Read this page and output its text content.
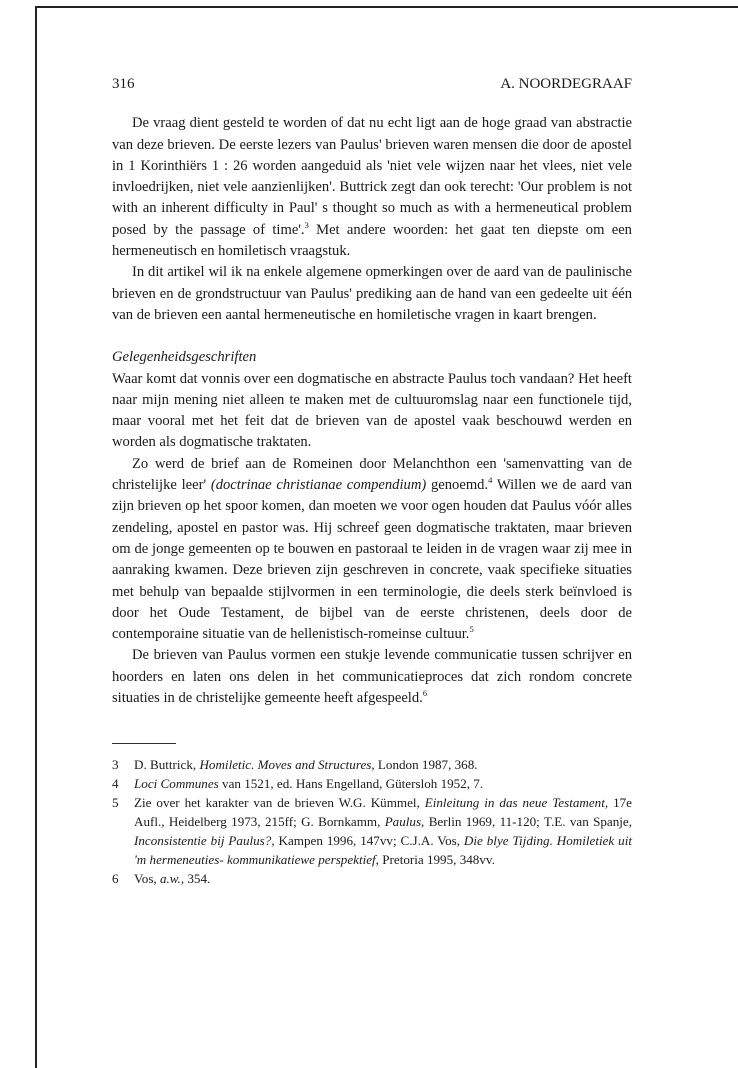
316	A. NOORDEGRAAF

De vraag dient gesteld te worden of dat nu echt ligt aan de hoge graad van abstractie van deze brieven. De eerste lezers van Paulus' brieven waren mensen die door de apostel in 1 Korinthiërs 1 : 26 worden aangeduid als 'niet vele wijzen naar het vlees, niet vele invloedrijken, niet vele aanzienlijken'. Buttrick zegt dan ook terecht: 'Our problem is not with an inherent difficulty in Paul' s thought so much as with a hermeneutical problem posed by the passage of time'.$^3$ Met andere woorden: het gaat ten diepste om een hermeneutisch en homiletisch vraagstuk.

In dit artikel wil ik na enkele algemene opmerkingen over de aard van de paulinische brieven en de grondstructuur van Paulus' prediking aan de hand van een gedeelte uit één van de brieven een aantal hermeneutische en homiletische vragen in kaart brengen.

Gelegenheidsgeschriften

Waar komt dat vonnis over een dogmatische en abstracte Paulus toch vandaan? Het heeft naar mijn mening niet alleen te maken met de cultuuromslag naar een functionele tijd, maar vooral met het feit dat de brieven van de apostel vaak beschouwd werden en worden als dogmatische traktaten.

Zo werd de brief aan de Romeinen door Melanchthon een 'samenvatting van de christelijke leer' (doctrinae christianae compendium) genoemd.$^4$ Willen we de aard van zijn brieven op het spoor komen, dan moeten we voor ogen houden dat Paulus vóór alles zendeling, apostel en pastor was. Hij schreef geen dogmatische traktaten, maar brieven om de jonge gemeenten op te bouwen en pastoraal te leiden in de vragen waar zij mee in aanraking kwamen. Deze brieven zijn geschreven in concrete, vaak specifieke situaties met behulp van bepaalde stijlvormen in een terminologie, die deels sterk beïnvloed is door het Oude Testament, de bijbel van de eerste christenen, deels door de contemporaine situatie van de hellenistisch-romeinse cultuur.$^5$

De brieven van Paulus vormen een stukje levende communicatie tussen schrijver en hoorders en laten ons delen in het communicatieproces dat zich rondom concrete situaties in de christelijke gemeente heeft afgespeeld.$^6$

3	D. Buttrick, Homiletic. Moves and Structures, London 1987, 368.
4	Loci Communes van 1521, ed. Hans Engelland, Gütersloh 1952, 7.
5	Zie over het karakter van de brieven W.G. Kümmel, Einleitung in das neue Testament, 17e Aufl., Heidelberg 1973, 215ff; G. Bornkamm, Paulus, Berlin 1969, 11-120; T.E. van Spanje, Inconsistentie bij Paulus?, Kampen 1996, 147vv; C.J.A. Vos, Die blye Tijding. Homiletiek uit 'm hermeneuties- kommunikatiewe perspektief, Pretoria 1995, 348vv.
6	Vos, a.w., 354.
